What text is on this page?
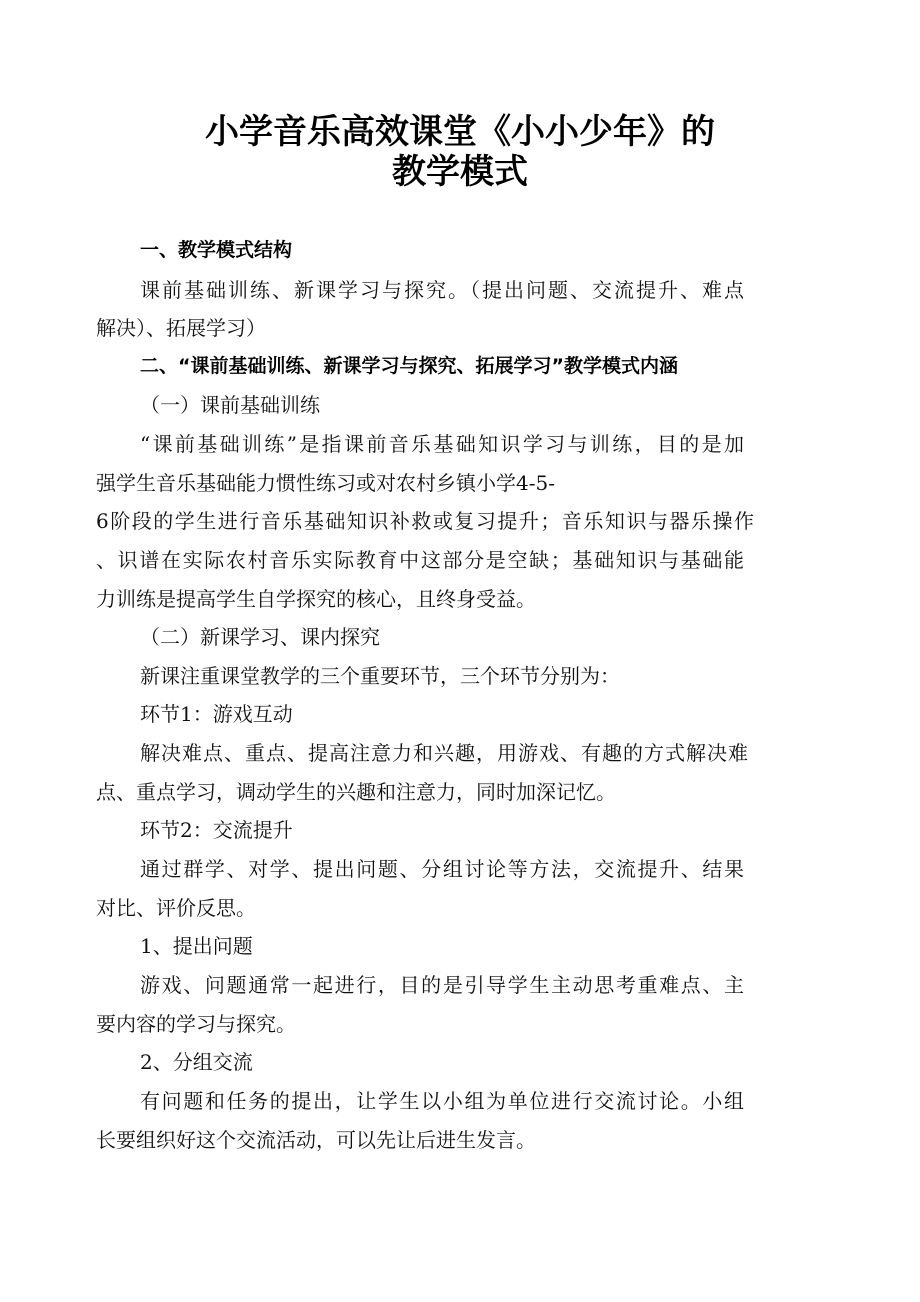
小学音乐高效课堂《小小少年》的
教学模式
一、教学模式结构
课前基础训练、新课学习与探究。（提出问题、交流提升、难点
解决）、拓展学习）
二、“课前基础训练、新课学习与探究、拓展学习”教学模式内涵
（一）课前基础训练
“课前基础训练”是指课前音乐基础知识学习与训练，目的是加
强学生音乐基础能力惯性练习或对农村乡镇小学4-5-
6阶段的学生进行音乐基础知识补救或复习提升；音乐知识与器乐操作
、识谱在实际农村音乐实际教育中这部分是空缺；基础知识与基础能
力训练是提高学生自学探究的核心，且终身受益。
（二）新课学习、课内探究
新课注重课堂教学的三个重要环节，三个环节分别为：
环节1：游戏互动
解决难点、重点、提高注意力和兴趣，用游戏、有趣的方式解决难
点、重点学习，调动学生的兴趣和注意力，同时加深记忆。
环节2：交流提升
通过群学、对学、提出问题、分组讨论等方法，交流提升、结果
对比、评价反思。
1、提出问题
游戏、问题通常一起进行，目的是引导学生主动思考重难点、主
要内容的学习与探究。
2、分组交流
有问题和任务的提出，让学生以小组为单位进行交流讨论。小组
长要组织好这个交流活动，可以先让后进生发言。
